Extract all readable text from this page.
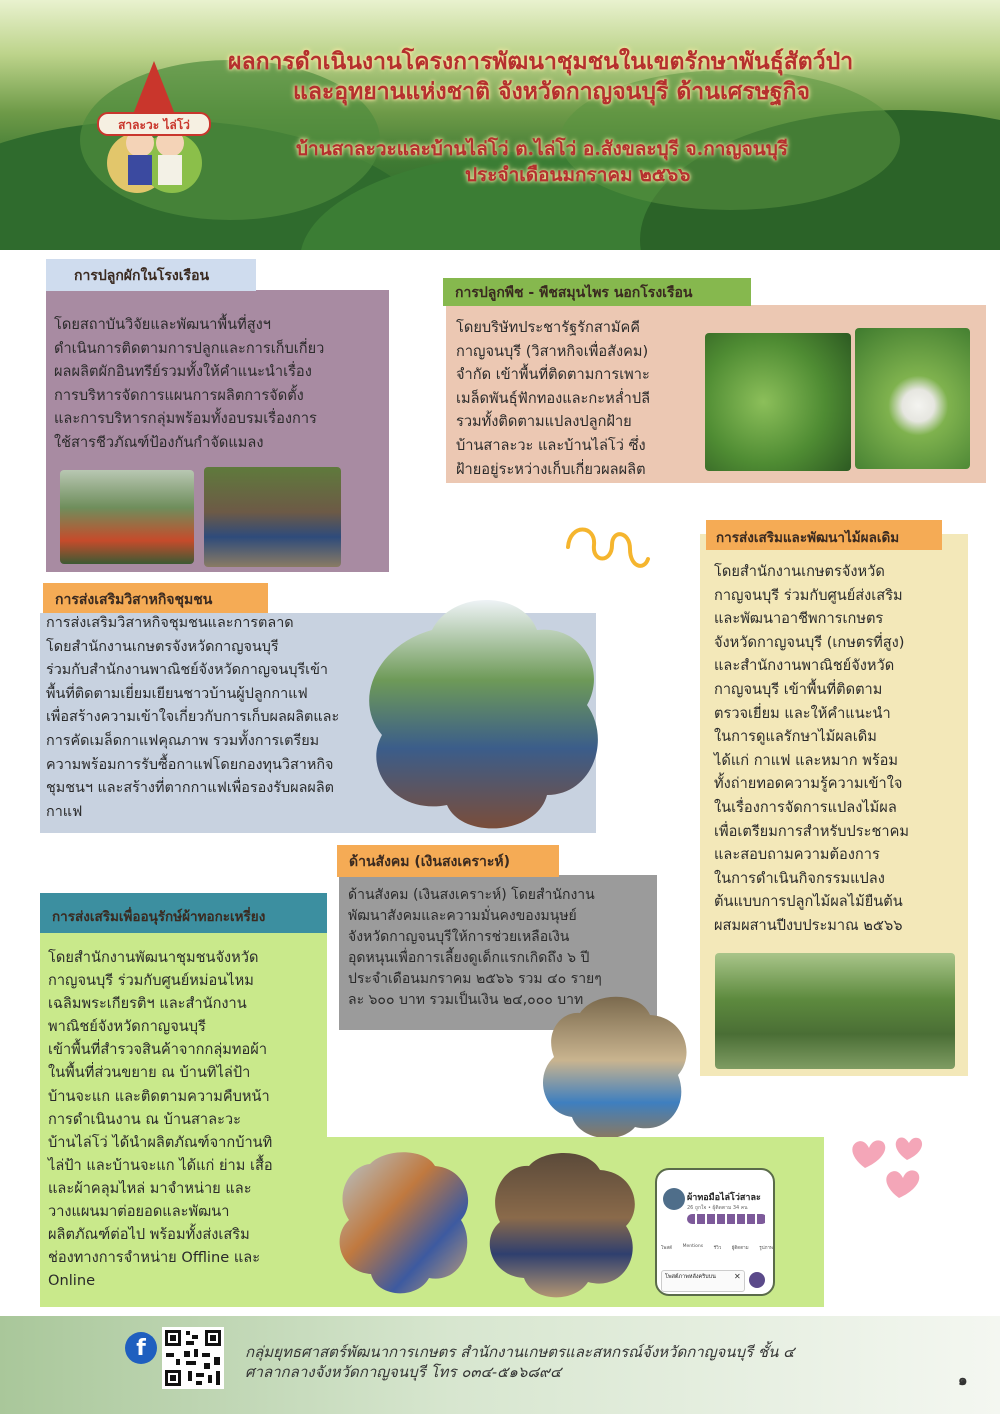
สาละวะ ไล่โว่
ผลการดำเนินงานโครงการพัฒนาชุมชนในเขตรักษาพันธุ์สัตว์ป่า
และอุทยานแห่งชาติ จังหวัดกาญจนบุรี ด้านเศรษฐกิจ
บ้านสาละวะและบ้านไล่โว่ ต.ไล่โว่ อ.สังขละบุรี จ.กาญจนบุรี
ประจำเดือนมกราคม ๒๕๖๖
การปลูกผักในโรงเรือน
โดยสถาบันวิจัยและพัฒนาพื้นที่สูงฯ
ดำเนินการติดตามการปลูกและการเก็บเกี่ยว
ผลผลิตผักอินทรีย์รวมทั้งให้คำแนะนำเรื่อง
การบริหารจัดการแผนการผลิตการจัดตั้ง
และการบริหารกลุ่มพร้อมทั้งอบรมเรื่องการ
ใช้สารชีวภัณฑ์ป้องกันกำจัดแมลง
การปลูกพืช - พืชสมุนไพร นอกโรงเรือน
โดยบริษัทประชารัฐรักสามัคคี
กาญจนบุรี (วิสาหกิจเพื่อสังคม)
จำกัด เข้าพื้นที่ติดตามการเพาะ
เมล็ดพันธุ์ฟักทองและกะหล่ำปลี
รวมทั้งติดตามแปลงปลูกฝ้าย
บ้านสาละวะ และบ้านไล่โว่ ซึ่ง
ฝ้ายอยู่ระหว่างเก็บเกี่ยวผลผลิต
การส่งเสริมและพัฒนาไม้ผลเดิม
โดยสำนักงานเกษตรจังหวัด
กาญจนบุรี ร่วมกับศูนย์ส่งเสริม
และพัฒนาอาชีพการเกษตร
จังหวัดกาญจนบุรี (เกษตรที่สูง)
และสำนักงานพาณิชย์จังหวัด
กาญจนบุรี เข้าพื้นที่ติดตาม
ตรวจเยี่ยม และให้คำแนะนำ
ในการดูแลรักษาไม้ผลเดิม
ได้แก่ กาแฟ และหมาก พร้อม
ทั้งถ่ายทอดความรู้ความเข้าใจ
ในเรื่องการจัดการแปลงไม้ผล
เพื่อเตรียมการสำหรับประชาคม
และสอบถามความต้องการ
ในการดำเนินกิจกรรมแปลง
ต้นแบบการปลูกไม้ผลไม้ยืนต้น
ผสมผสานปีงบประมาณ ๒๕๖๖
การส่งเสริมวิสาหกิจชุมชน
การส่งเสริมวิสาหกิจชุมชนและการตลาด
โดยสำนักงานเกษตรจังหวัดกาญจนบุรี
ร่วมกับสำนักงานพาณิชย์จังหวัดกาญจนบุรีเข้า
พื้นที่ติดตามเยี่ยมเยียนชาวบ้านผู้ปลูกกาแฟ
เพื่อสร้างความเข้าใจเกี่ยวกับการเก็บผลผลิตและ
การคัดเมล็ดกาแฟคุณภาพ รวมทั้งการเตรียม
ความพร้อมการรับซื้อกาแฟโดยกองทุนวิสาหกิจ
ชุมชนฯ และสร้างที่ตากกาแฟเพื่อรองรับผลผลิต
กาแฟ
ด้านสังคม (เงินสงเคราะห์)
ด้านสังคม (เงินสงเคราะห์) โดยสำนักงาน
พัฒนาสังคมและความมั่นคงของมนุษย์
จังหวัดกาญจนบุรีให้การช่วยเหลือเงิน
อุดหนุนเพื่อการเลี้ยงดูเด็กแรกเกิดถึง ๖ ปี
ประจำเดือนมกราคม ๒๕๖๖ รวม ๔๐ รายๆ
ละ ๖๐๐ บาท รวมเป็นเงิน ๒๔,๐๐๐ บาท
การส่งเสริมเพื่ออนุรักษ์ผ้าทอกะเหรี่ยง
โดยสำนักงานพัฒนาชุมชนจังหวัด
กาญจนบุรี ร่วมกับศูนย์หม่อนไหม
เฉลิมพระเกียรติฯ และสำนักงาน
พาณิชย์จังหวัดกาญจนบุรี
เข้าพื้นที่สำรวจสินค้าจากกลุ่มทอผ้า
ในพื้นที่ส่วนขยาย ณ บ้านทิไล่ป้า
บ้านจะแก และติดตามความคืบหน้า
การดำเนินงาน ณ บ้านสาละวะ
บ้านไล่โว่ ได้นำผลิตภัณฑ์จากบ้านทิ
ไล่ป้า และบ้านจะแก ได้แก่ ย่าม เสื้อ
และผ้าคลุมไหล่ มาจำหน่าย และ
วางแผนมาต่อยอดและพัฒนา
ผลิตภัณฑ์ต่อไป พร้อมทั้งส่งเสริม
ช่องทางการจำหน่าย Offline และ
Online
ผ้าทอมือไล่โว่สาละ
26 ถูกใจ • ผู้ติดตาม 34 คน
โพสต์ Mentions รีวิว ผู้ติดตาม รูปภาพ
โพสต์ภาพหลังคริบบน	✕
f	กลุ่มยุทธศาสตร์พัฒนาการเกษตร สำนักงานเกษตรและสหกรณ์จังหวัดกาญจนบุรี ชั้น ๔
ศาลากลางจังหวัดกาญจนบุรี โทร ๐๓๔-๕๑๖๘๙๔	๑
